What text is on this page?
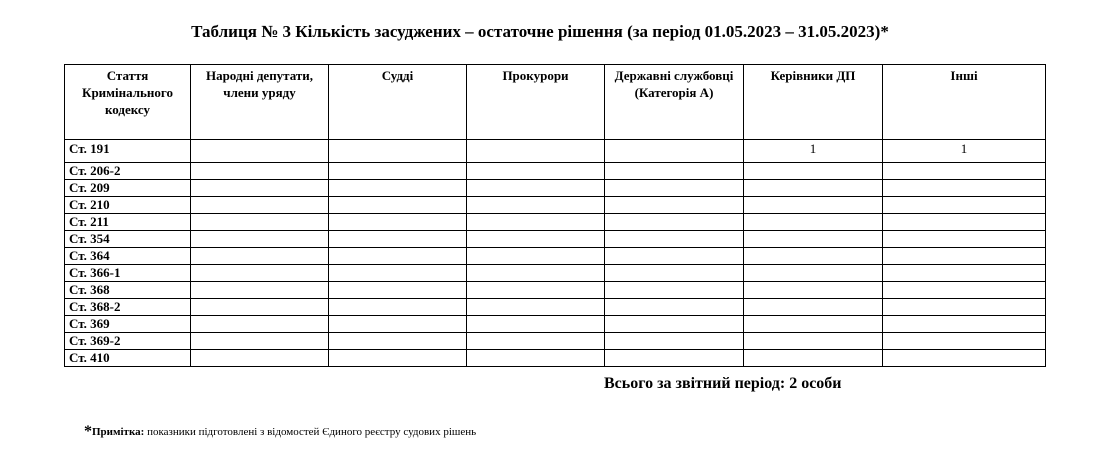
Таблиця № 3 Кількість засуджених – остаточне рішення (за період 01.05.2023 – 31.05.2023)*
Стаття Кримінального кодексу	Народні депутати, члени уряду	Судді	Прокурори	Державні службовці (Категорія А)	Керівники ДП	Інші
Ст. 191					1	1
Ст. 206-2						
Ст. 209						
Ст. 210						
Ст. 211						
Ст. 354						
Ст. 364						
Ст. 366-1						
Ст. 368						
Ст. 368-2						
Ст. 369						
Ст. 369-2						
Ст. 410						
Всього за звітний період: 2 особи
*Примітка: показники підготовлені з відомостей Єдиного реєстру судових рішень
